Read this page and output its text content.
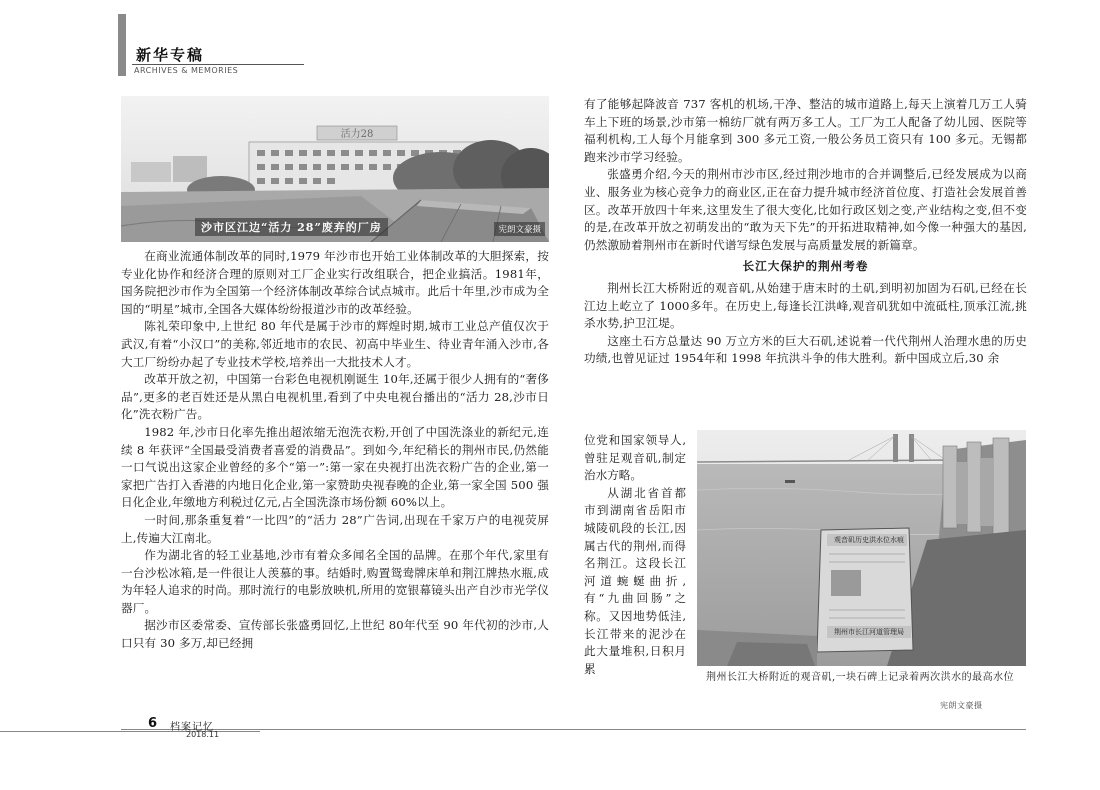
新华专稿
ARCHIVES & MEMORIES
活力28
沙市区江边“活力 28”废弃的厂房	宪朗文豪摄

在商业流通体制改革的同时,1979 年沙市也开始工业体制改革的大胆探索，按专业化协作和经济合理的原则对工厂企业实行改组联合，把企业搞活。1981年，国务院把沙市作为全国第一个经济体制改革综合试点城市。此后十年里,沙市成为全国的“明星”城市,全国各大媒体纷纷报道沙市的改革经验。

陈礼荣印象中,上世纪 80 年代是属于沙市的辉煌时期,城市工业总产值仅次于武汉,有着“小汉口”的美称,邻近地市的农民、初高中毕业生、待业青年涌入沙市,各大工厂纷纷办起了专业技术学校,培养出一大批技术人才。

改革开放之初，中国第一台彩色电视机刚诞生 10年,还属于很少人拥有的“奢侈品”,更多的老百姓还是从黑白电视机里,看到了中央电视台播出的“活力 28,沙市日化”洗衣粉广告。

1982 年,沙市日化率先推出超浓缩无泡洗衣粉,开创了中国洗涤业的新纪元,连续 8 年获评“全国最受消费者喜爱的消费品”。到如今,年纪稍长的荆州市民,仍然能一口气说出这家企业曾经的多个“第一”:第一家在央视打出洗衣粉广告的企业,第一家把广告打入香港的内地日化企业,第一家赞助央视春晚的企业,第一家全国 500 强日化企业,年缴地方利税过亿元,占全国洗涤市场份额 60%以上。

一时间,那条重复着“一比四”的“活力 28”广告词,出现在千家万户的电视荧屏上,传遍大江南北。

作为湖北省的轻工业基地,沙市有着众多闻名全国的品牌。在那个年代,家里有一台沙松冰箱,是一件很让人羡慕的事。结婚时,购置鸳鸯牌床单和荆江牌热水瓶,成为年轻人追求的时尚。那时流行的电影放映机,所用的宽银幕镜头出产自沙市光学仪器厂。

据沙市区委常委、宣传部长张盛勇回忆,上世纪 80年代至 90 年代初的沙市,人口只有 30 多万,却已经拥

有了能够起降波音 737 客机的机场,干净、整洁的城市道路上,每天上演着几万工人骑车上下班的场景,沙市第一棉纺厂就有两万多工人。工厂为工人配备了幼儿园、医院等福利机构,工人每个月能拿到 300 多元工资,一般公务员工资只有 100 多元。无锡都跑来沙市学习经验。

张盛勇介绍,今天的荆州市沙市区,经过荆沙地市的合并调整后,已经发展成为以商业、服务业为核心竞争力的商业区,正在奋力提升城市经济首位度、打造社会发展首善区。改革开放四十年来,这里发生了很大变化,比如行政区划之变,产业结构之变,但不变的是,在改革开放之初萌发出的“敢为天下先”的开拓进取精神,如今像一种强大的基因,仍然激励着荆州市在新时代谱写绿色发展与高质量发展的新篇章。

长江大保护的荆州考卷

荆州长江大桥附近的观音矶,从始建于唐末时的土矶,到明初加固为石矶,已经在长江边上屹立了 1000多年。在历史上,每逢长江洪峰,观音矶犹如中流砥柱,顶承江流,挑杀水势,护卫江堤。

这座土石方总量达 90 万立方米的巨大石矶,述说着一代代荆州人治理水患的历史功绩,也曾见证过 1954年和 1998 年抗洪斗争的伟大胜利。新中国成立后,30 余

位党和国家领导人,曾驻足观音矶,制定治水方略。

从湖北省首都市到湖南省岳阳市城陵矶段的长江,因属古代的荆州,而得名荆江。这段长江河道蜿蜒曲折,有“九曲回肠”之称。又因地势低洼,长江带来的泥沙在此大量堆积,日积月累

观音矶历史洪水位水痕
荆州市长江河道管理局
荆州长江大桥附近的观音矶,一块石碑上记录着两次洪水的最高水位
宪朗文豪摄
6 档案记忆
2018.11
